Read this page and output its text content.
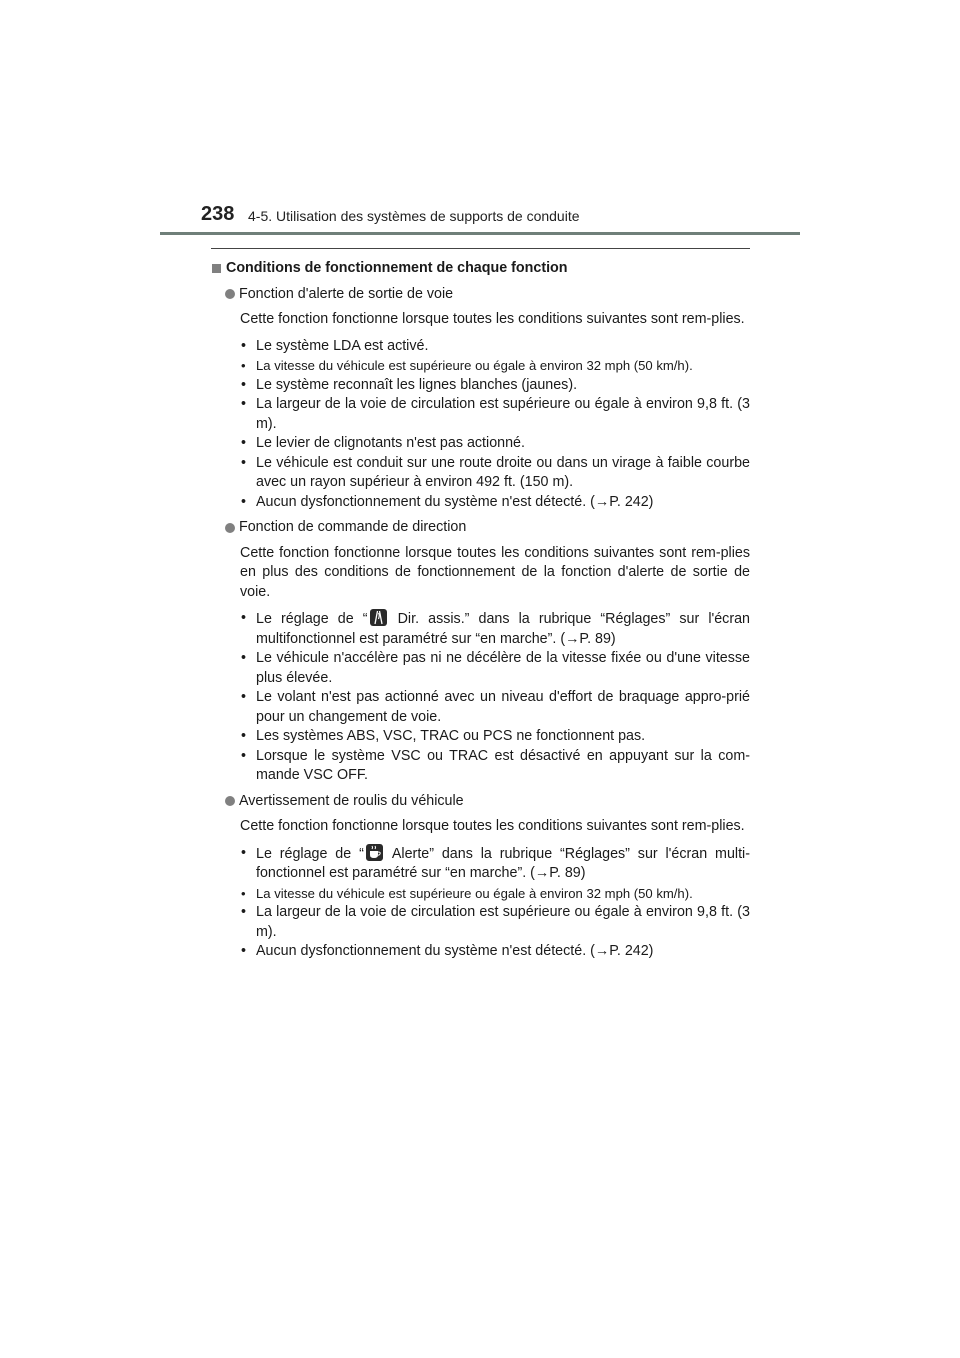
238 4-5. Utilisation des systèmes de supports de conduite
Conditions de fonctionnement de chaque fonction
Fonction d'alerte de sortie de voie
Cette fonction fonctionne lorsque toutes les conditions suivantes sont rem-plies.
• Le système LDA est activé.
• La vitesse du véhicule est supérieure ou égale à environ 32 mph (50 km/h).
• Le système reconnaît les lignes blanches (jaunes).
• La largeur de la voie de circulation est supérieure ou égale à environ 9,8 ft. (3 m).
• Le levier de clignotants n'est pas actionné.
• Le véhicule est conduit sur une route droite ou dans un virage à faible courbe avec un rayon supérieur à environ 492 ft. (150 m).
• Aucun dysfonctionnement du système n'est détecté. (→P. 242)
Fonction de commande de direction
Cette fonction fonctionne lorsque toutes les conditions suivantes sont rem-plies en plus des conditions de fonctionnement de la fonction d'alerte de sortie de voie.
• Le réglage de “
Dir. assis.” dans la rubrique “Réglages” sur l'écran multifonctionnel est paramétré sur “en marche”. (→P. 89)
• Le véhicule n'accélère pas ni ne décélère de la vitesse fixée ou d'une vitesse plus élevée.
• Le volant n'est pas actionné avec un niveau d'effort de braquage appro-prié pour un changement de voie.
• Les systèmes ABS, VSC, TRAC ou PCS ne fonctionnent pas.
• Lorsque le système VSC ou TRAC est désactivé en appuyant sur la com-mande VSC OFF.
Avertissement de roulis du véhicule
Cette fonction fonctionne lorsque toutes les conditions suivantes sont rem-plies.
• Le réglage de “
Alerte” dans la rubrique “Réglages” sur l'écran multi-fonctionnel est paramétré sur “en marche”. (→P. 89)
• La vitesse du véhicule est supérieure ou égale à environ 32 mph (50 km/h).
• La largeur de la voie de circulation est supérieure ou égale à environ 9,8 ft. (3 m).
• Aucun dysfonctionnement du système n'est détecté. (→P. 242)
